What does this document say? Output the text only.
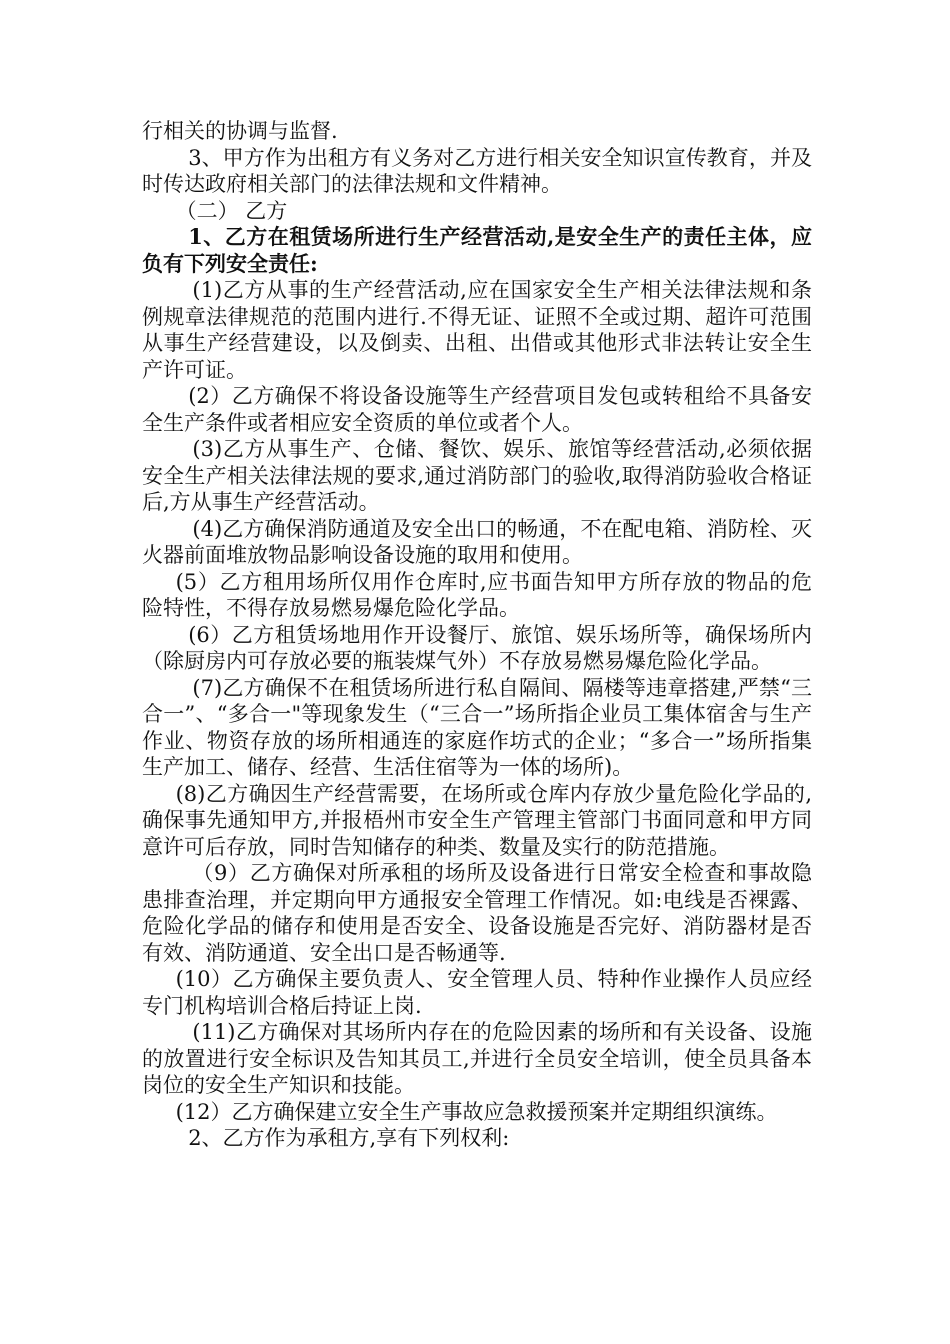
行相关的协调与监督.

3、甲方作为出租方有义务对乙方进行相关安全知识宣传教育，并及时传达政府相关部门的法律法规和文件精神。

（二） 乙方

1、乙方在租赁场所进行生产经营活动,是安全生产的责任主体，应负有下列安全责任:

(1)乙方从事的生产经营活动,应在国家安全生产相关法律法规和条例规章法律规范的范围内进行.不得无证、证照不全或过期、超许可范围从事生产经营建设，以及倒卖、出租、出借或其他形式非法转让安全生产许可证。

(2）乙方确保不将设备设施等生产经营项目发包或转租给不具备安全生产条件或者相应安全资质的单位或者个人。

(3)乙方从事生产、仓储、餐饮、娱乐、旅馆等经营活动,必须依据安全生产相关法律法规的要求,通过消防部门的验收,取得消防验收合格证后,方从事生产经营活动。

(4)乙方确保消防通道及安全出口的畅通，不在配电箱、消防栓、灭火器前面堆放物品影响设备设施的取用和使用。

(5）乙方租用场所仅用作仓库时,应书面告知甲方所存放的物品的危险特性，不得存放易燃易爆危险化学品。

(6）乙方租赁场地用作开设餐厅、旅馆、娱乐场所等，确保场所内（除厨房内可存放必要的瓶装煤气外）不存放易燃易爆危险化学品。

(7)乙方确保不在租赁场所进行私自隔间、隔楼等违章搭建,严禁“三合一”、“多合一"等现象发生（“三合一”场所指企业员工集体宿舍与生产作业、物资存放的场所相通连的家庭作坊式的企业；“多合一”场所指集生产加工、储存、经营、生活住宿等为一体的场所)。

(8)乙方确因生产经营需要，在场所或仓库内存放少量危险化学品的,确保事先通知甲方,并报梧州市安全生产管理主管部门书面同意和甲方同意许可后存放，同时告知储存的种类、数量及实行的防范措施。

（9）乙方确保对所承租的场所及设备进行日常安全检查和事故隐患排查治理，并定期向甲方通报安全管理工作情况。如:电线是否裸露、危险化学品的储存和使用是否安全、设备设施是否完好、消防器材是否有效、消防通道、安全出口是否畅通等.

(10）乙方确保主要负责人、安全管理人员、特种作业操作人员应经专门机构培训合格后持证上岗.

(11)乙方确保对其场所内存在的危险因素的场所和有关设备、设施的放置进行安全标识及告知其员工,并进行全员安全培训，使全员具备本岗位的安全生产知识和技能。

(12）乙方确保建立安全生产事故应急救援预案并定期组织演练。

2、乙方作为承租方,享有下列权利:
